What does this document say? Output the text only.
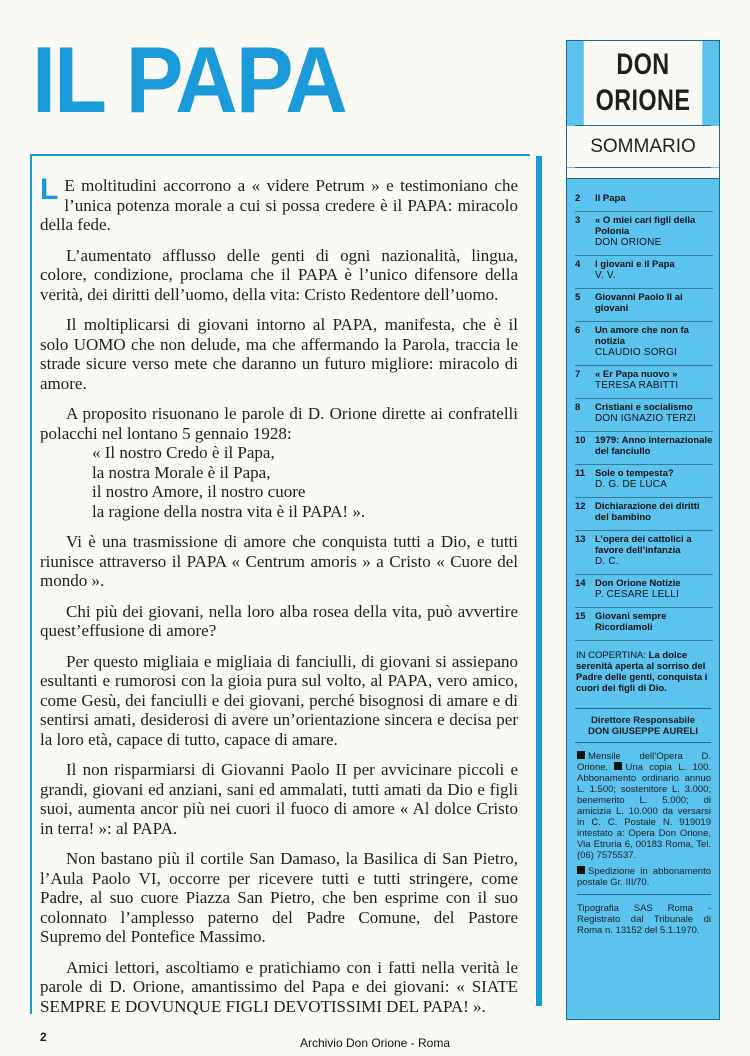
IL PAPA

L E moltitudini accorrono a « videre Petrum » e testimoniano che l’unica potenza morale a cui si possa credere è il PAPA: miracolo della fede.

L’aumentato afflusso delle genti di ogni nazionalità, lingua, colore, condizione, proclama che il PAPA è l’unico difensore della verità, dei diritti dell’uomo, della vita: Cristo Redentore dell’uomo.

Il moltiplicarsi di giovani intorno al PAPA, manifesta, che è il solo UOMO che non delude, ma che affermando la Parola, traccia le strade sicure verso mete che daranno un futuro migliore: miracolo di amore.

A proposito risuonano le parole di D. Orione dirette ai confratelli polacchi nel lontano 5 gennaio 1928:

« Il nostro Credo è il Papa,
la nostra Morale è il Papa,
il nostro Amore, il nostro cuore
la ragione della nostra vita è il PAPA! ».

Vi è una trasmissione di amore che conquista tutti a Dio, e tutti riunisce attraverso il PAPA « Centrum amoris » a Cristo « Cuore del mondo ».

Chi più dei giovani, nella loro alba rosea della vita, può avvertire quest’effusione di amore?

Per questo migliaia e migliaia di fanciulli, di giovani si assiepano esultanti e rumorosi con la gioia pura sul volto, al PAPA, vero amico, come Gesù, dei fanciulli e dei giovani, perché bisognosi di amare e di sentirsi amati, desiderosi di avere un’orientazione sincera e decisa per la loro età, capace di tutto, capace di amare.

Il non risparmiarsi di Giovanni Paolo II per avvicinare piccoli e grandi, giovani ed anziani, sani ed ammalati, tutti amati da Dio e figli suoi, aumenta ancor più nei cuori il fuoco di amore « Al dolce Cristo in terra! »: al PAPA.

Non bastano più il cortile San Damaso, la Basilica di San Pietro, l’Aula Paolo VI, occorre per ricevere tutti e tutti stringere, come Padre, al suo cuore Piazza San Pietro, che ben esprime con il suo colonnato l’amplesso paterno del Padre Comune, del Pastore Supremo del Pontefice Massimo.

Amici lettori, ascoltiamo e pratichiamo con i fatti nella verità le parole di D. Orione, amantissimo del Papa e dei giovani: « SIATE SEMPRE E DOVUNQUE FIGLI DEVOTISSIMI DEL PAPA! ».

DON ORIONE
SOMMARIO
2	Il Papa
3	« O miei cari figli della Polonia
DON ORIONE
4	I giovani e il Papa
V. V.
5	Giovanni Paolo II ai giovani
6	Un amore che non fa notizia
CLAUDIO SORGI
7	« Er Papa nuovo »
TERESA RABITTI
8	Cristiani e socialismo
DON IGNAZIO TERZI
10 1979: Anno internazionale del fanciullo
11	Sole o tempesta?
D. G. DE LUCA
12 Dichiarazione dei diritti del bambino
13 L’opera dei cattolici a favore dell’infanzia
D. C.
14 Don Orione Notizie
P. CESARE LELLI
15 Giovani sempre Ricordiamoli
IN COPERTINA: La dolce serenità aperta al sorriso del Padre delle genti, conquista i cuori dei figli di Dio.
Direttore Responsabile
DON GIUSEPPE AURELI
Mensile dell’Opera D. Orione. Una copia L. 100. Abbonamento ordinario annuo L. 1.500; sostenitore L. 3.000; benemerito L. 5.000; di amicizia L. 10.000 da versarsi in C. C. Postale N. 919019 intestato a: Opera Don Orione, Via Etruria 6, 00183 Roma, Tel. (06) 7575537.
Spedizione in abbonamento postale Gr. III/70.
Tipografia SAS Roma - Registrato dal Tribunale di Roma n. 13152 del 5.1.1970.
2	Archivio Don Orione - Roma
